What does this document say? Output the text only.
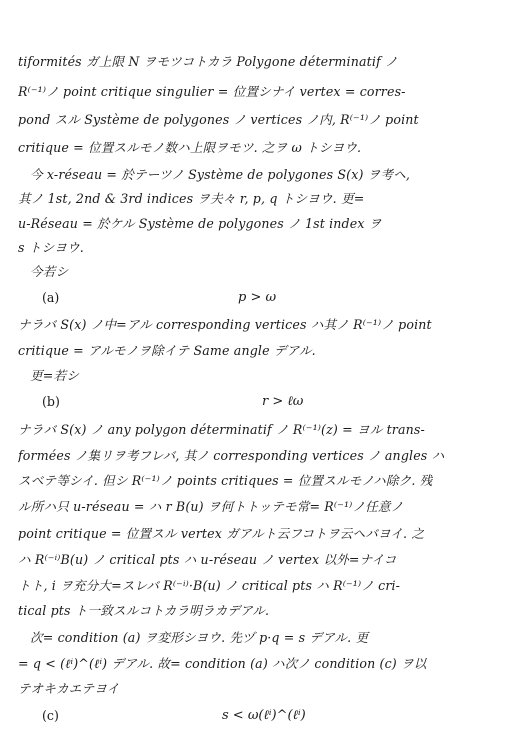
tiformités ガ上限 N ヲモツコトカラ Polygone déterminatif ノ
R⁽⁻¹⁾ノ point critique singulier = 位置シナイ vertex = corres-
pond スル Système de polygones ノ vertices ノ内, R⁽⁻¹⁾ノ point
critique = 位置スルモノ数ハ上限ヲモツ. 之ヲ ω トシヨウ.
今 x-réseau = 於テーツノ Système de polygones S(x) ヲ考ヘ,
其ノ 1st, 2nd & 3rd indices ヲ夫々 r, p, q トシヨウ. 更=
u-Réseau = 於ケル Système de polygones ノ 1st index ヲ
s トシヨウ.
今若シ
(a)	p > ω
ナラバ S(x) ノ中=アル corresponding vertices ハ其ノ R⁽⁻¹⁾ノ point
critique = アルモノヲ除イテ Same angle デアル.
更=若シ
(b)	r > ℓω
ナラバ S(x) ノ any polygon déterminatif ノ R⁽⁻¹⁾(z) = ヨル trans-
formées ノ集リヲ考フレバ, 其ノ corresponding vertices ノ angles ハ
スベテ等シイ. 但シ R⁽⁻¹⁾ノ points critiques = 位置スルモノハ除ク. 残
ル所ハ只 u-réseau = ハ r B(u) ヲ何トトッテモ常= R⁽⁻¹⁾ノ任意ノ
point critique = 位置スル vertex ガアルト云フコトヲ云ヘバヨイ. 之
ハ R⁽⁻ⁱ⁾B(u) ノ critical pts ハ u-réseau ノ vertex 以外=ナイコ
トト, i ヲ充分大=スレバ R⁽⁻ⁱ⁾·B(u) ノ critical pts ハ R⁽⁻¹⁾ノ cri-
tical pts ト一致スルコトカラ明ラカデアル.
次= condition (a) ヲ変形シヨウ. 先ヅ p·q = s デアル. 更
= q < (ℓⁱ)^(ℓⁱ) デアル. 故= condition (a) ハ次ノ condition (c) ヲ以
テオキカエテヨイ
(c)	s < ω(ℓⁱ)^(ℓⁱ)
